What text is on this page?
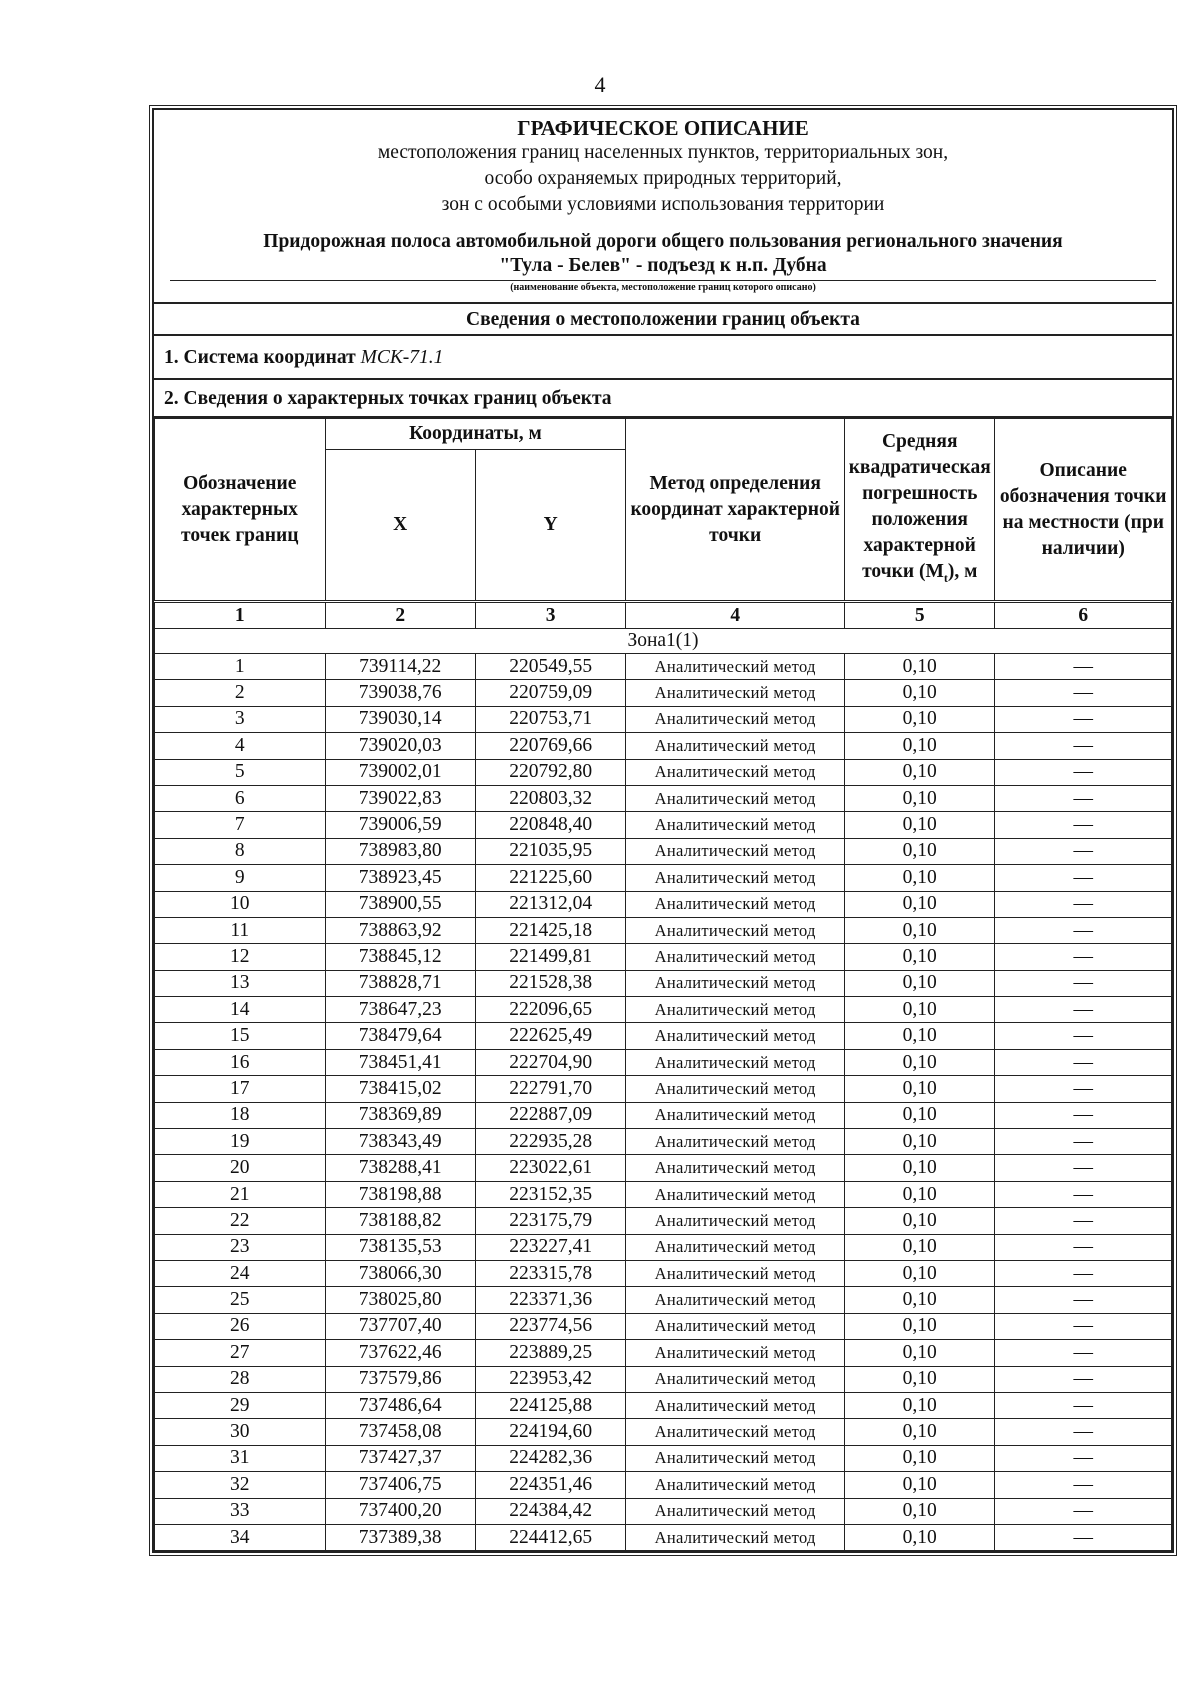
4
ГРАФИЧЕСКОЕ ОПИСАНИЕ
местоположения границ населенных пунктов, территориальных зон,
особо охраняемых природных территорий,
зон с особыми условиями использования территории
Придорожная полоса автомобильной дороги общего пользования регионального значения
"Тула - Белев" - подъезд к н.п. Дубна
(наименование объекта, местоположение границ которого описано)
Сведения о местоположении границ объекта
1. Система координат МСК-71.1
2. Сведения о характерных точках границ объекта
Обозначение характерных точек границ	Координаты, м		Метод определения координат характерной точки	Средняя квадратическая погрешность положения характерной точки $(M_t)$, м	Описание обозначения точки на местности (при наличии)
	X	Y			
1	2	3	4	5	6
Зона1(1)					
1	739114,22	220549,55	Аналитический метод	0,10	—
2	739038,76	220759,09	Аналитический метод	0,10	—
3	739030,14	220753,71	Аналитический метод	0,10	—
4	739020,03	220769,66	Аналитический метод	0,10	—
5	739002,01	220792,80	Аналитический метод	0,10	—
6	739022,83	220803,32	Аналитический метод	0,10	—
7	739006,59	220848,40	Аналитический метод	0,10	—
8	738983,80	221035,95	Аналитический метод	0,10	—
9	738923,45	221225,60	Аналитический метод	0,10	—
10	738900,55	221312,04	Аналитический метод	0,10	—
11	738863,92	221425,18	Аналитический метод	0,10	—
12	738845,12	221499,81	Аналитический метод	0,10	—
13	738828,71	221528,38	Аналитический метод	0,10	—
14	738647,23	222096,65	Аналитический метод	0,10	—
15	738479,64	222625,49	Аналитический метод	0,10	—
16	738451,41	222704,90	Аналитический метод	0,10	—
17	738415,02	222791,70	Аналитический метод	0,10	—
18	738369,89	222887,09	Аналитический метод	0,10	—
19	738343,49	222935,28	Аналитический метод	0,10	—
20	738288,41	223022,61	Аналитический метод	0,10	—
21	738198,88	223152,35	Аналитический метод	0,10	—
22	738188,82	223175,79	Аналитический метод	0,10	—
23	738135,53	223227,41	Аналитический метод	0,10	—
24	738066,30	223315,78	Аналитический метод	0,10	—
25	738025,80	223371,36	Аналитический метод	0,10	—
26	737707,40	223774,56	Аналитический метод	0,10	—
27	737622,46	223889,25	Аналитический метод	0,10	—
28	737579,86	223953,42	Аналитический метод	0,10	—
29	737486,64	224125,88	Аналитический метод	0,10	—
30	737458,08	224194,60	Аналитический метод	0,10	—
31	737427,37	224282,36	Аналитический метод	0,10	—
32	737406,75	224351,46	Аналитический метод	0,10	—
33	737400,20	224384,42	Аналитический метод	0,10	—
34	737389,38	224412,65	Аналитический метод	0,10	—
